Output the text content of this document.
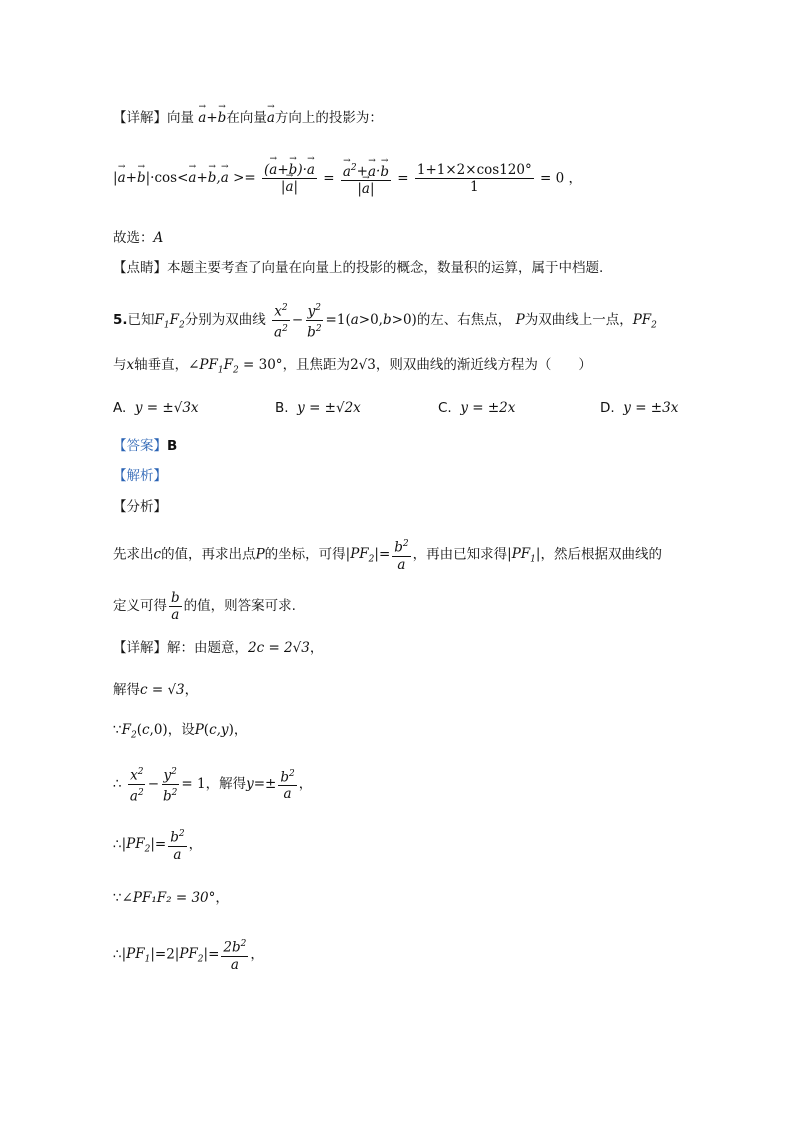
【详解】向量 → a+→ b在向量→ a方向上的投影为：
|→ $a+\to b|\cdot\cos<\to a+\to b,\to a >= \frac{(\to a+\to b)\cdot\to a}{|\to a|}$ = → $\frac{a^2+\to a\cdot\to b}{|\to a|} = \frac{1+1\times 2\times\cos 120^\circ}{1} = 0$ ，
故选：A
【点睛】本题主要考查了向量在向量上的投影的概念，数量积的运算，属于中档题.
5.已知$F_1F_2$分别为双曲线 $\frac{x^2}{a^2} - \frac{y^2}{b^2} =1(a>0,b>0)$的左、右焦点， P为双曲线上一点，$PF_2$
与x轴垂直，$\angle PF_1F_2 = 30^\circ$，且焦距为2√3，则双曲线的渐近线方程为（　　）
A. y = ±√3x	B. y = ±√2x	C. y = ±2x	D. y = ±3x
【答案】B
【解析】
【分析】
先求出c的值，再求出点P的坐标，可得$|PF_2|= \frac{b^2}{a}$ ，再由已知求得$|PF_1|$，然后根据双曲线的
定义可得 $\frac{b}{a}$ 的值，则答案可求.
【详解】解：由题意，2c = 2√3，
解得c = √3，
$\because F_2(c,0)$，设P(c,y)，
∴ $\frac{x^2}{a^2} - \frac{y^2}{b^2} = 1$，解得$y=\pm \frac{b^2}{a}$ ，
$\therefore|PF_2|= \frac{b^2}{a}$ ，
∵∠PF₁F₂ = 30°，
$\therefore|PF_1|=2|PF_2|= \frac{2b^2}{a}$ ，
